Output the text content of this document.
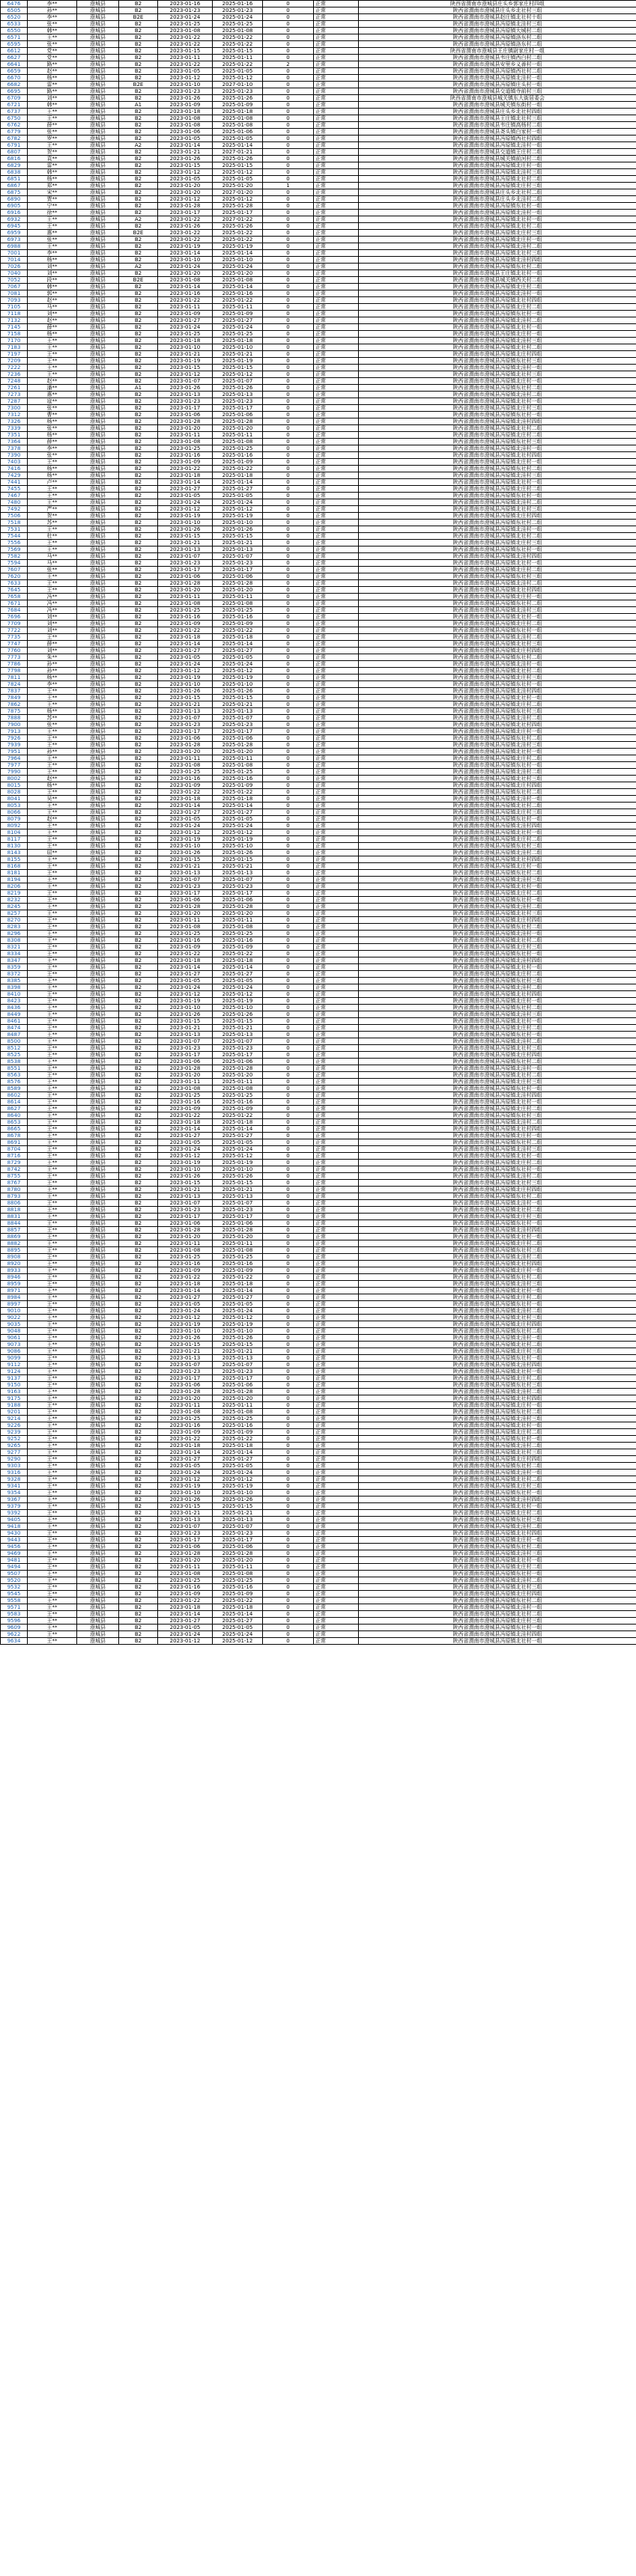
6476	李**	澄城县	B2	2023-01-16	2025-01-16	0	正常	陕西省渭南市澄城县庄头乡郭家庄村四组
6505	孙**	澄城县	B2	2023-01-23	2025-01-23	0	正常	陕西省渭南市澄城县庄头乡北社村三组
6520	李**	澄城县	B2E	2023-01-24	2025-01-24	0	正常	陕西省渭南市澄城县赵庄镇北社村十组
6533	张**	澄城县	B2	2023-01-25	2025-01-25	0	正常	陕西省渭南市澄城县冯原镇北洼村三组
6550	韩**	澄城县	B2	2023-01-08	2025-01-08	0	正常	陕西省渭南市澄城县冯原镇大城村二组
6571	王**	澄城县	B2	2023-01-22	2025-01-22	0	正常	陕西省渭南市澄城县冯原镇洛东村二组
6595	张**	澄城县	B2	2023-01-22	2025-01-22	0	正常	陕西省渭南市澄城县冯原镇洛东村二组
6612	党**	澄城县	B2	2023-01-15	2025-01-15	0	正常	陕西省渭南市澄城县王庄镇尉家庄村一组
6627	党**	澄城县	B2	2023-01-11	2025-01-11	0	正常	陕西省渭南市澄城县韦庄镇西白村二组
6641	路**	澄城县	B2	2023-01-22	2025-01-22	2	正常	陕西省渭南市澄城县安里乡义善村一组
6659	赵**	澄城县	B2	2023-01-05	2025-01-05	0	正常	陕西省渭南市澄城县冯原镇西社村二组
6670	杨**	澄城县	B2	2023-01-12	2025-01-12	0	正常	陕西省渭南市澄城县冯原镇北洼村一组
6682	雷**	澄城县	B2E	2023-01-10	2027-01-10	0	正常	陕西省渭南市澄城县冯原镇庄头村一组
6695	路**	澄城县	B2	2023-01-23	2025-01-23	0	正常	陕西省渭南市澄城县交道镇寺前村三组
6709	刘**	澄城县	B2	2023-01-26	2025-01-26	0	正常	陕西省渭南市澄城县城关镇东大街居委会
6721	韩**	澄城县	A1	2023-01-09	2025-01-09	0	正常	陕西省渭南市澄城县城关镇东街村一组
6737	王**	澄城县	B2	2023-01-18	2025-01-18	0	正常	陕西省渭南市澄城县庄头乡北社村四组
6750	王**	澄城县	B2	2023-01-08	2025-01-08	0	正常	陕西省渭南市澄城县王庄镇北社村三组
6762	薛**	澄城县	B2	2023-01-08	2025-01-08	0	正常	陕西省渭南市澄城县韦庄镇高杨村二组
6779	张**	澄城县	B2	2023-01-06	2025-01-06	0	正常	陕西省渭南市澄城县尧头镇白家村一组
6782	罗**	澄城县	B2	2023-01-05	2025-01-05	0	正常	陕西省渭南市澄城县冯原镇西社村四组
6791	王**	澄城县	A2	2023-01-14	2025-01-14	0	正常	陕西省渭南市澄城县冯原镇北洼村一组
6807	贺**	澄城县	B2	2023-01-21	2027-01-21	0	正常	陕西省渭南市澄城县交道镇王庄村二组
6816	袁**	澄城县	B2	2023-01-26	2025-01-26	0	正常	陕西省渭南市澄城县城关镇前河村二组
6829	雷**	澄城县	B2	2023-01-15	2025-01-15	0	正常	陕西省渭南市澄城县冯原镇北庄村一组
6838	韩**	澄城县	B2	2023-01-12	2025-01-12	0	正常	陕西省渭南市澄城县冯原镇北洼村三组
6851	杨**	澄城县	B2	2023-01-05	2025-01-05	0	正常	陕西省渭南市澄城县冯原镇北社村二组
6867	郑**	澄城县	B2	2023-01-20	2025-01-20	1	正常	陕西省渭南市澄城县冯原镇北庄村三组
6875	宋**	澄城县	B2	2023-01-20	2027-01-20	0	正常	陕西省渭南市澄城县庄头乡北社村二组
6890	贾**	澄城县	B2	2023-01-12	2025-01-12	0	正常	陕西省渭南市澄城县庄头乡北洼村二组
6905	宁**	澄城县	B2	2023-01-28	2025-01-28	0	正常	陕西省渭南市澄城县冯原镇东社村一组
6916	徐**	澄城县	B2	2023-01-17	2025-01-17	0	正常	陕西省渭南市澄城县冯原镇北洼村一组
6932	王**	澄城县	A2	2023-01-22	2027-01-22	0	正常	陕西省渭南市澄城县冯原镇北社村一组
6945	王**	澄城县	B2	2023-01-26	2025-01-26	0	正常	陕西省渭南市澄城县冯原镇北社村二组
6959	惠**	澄城县	B2E	2023-01-22	2025-01-22	0	正常	陕西省渭南市澄城县冯原镇北庄村三组
6973	张**	澄城县	B2	2023-01-22	2025-01-22	0	正常	陕西省渭南市澄城县冯原镇北庄村一组
6988	王**	澄城县	B2	2023-01-19	2025-01-19	0	正常	陕西省渭南市澄城县冯原镇北洼村二组
7001	李**	澄城县	B2	2023-01-14	2025-01-14	0	正常	陕西省渭南市澄城县冯原镇北社村三组
7014	杨**	澄城县	B2	2023-01-10	2025-01-10	0	正常	陕西省渭南市澄城县冯原镇北洼村四组
7026	刘**	澄城县	A2	2023-01-24	2025-01-24	0	正常	陕西省渭南市澄城县冯原镇东社村二组
7040	刘**	澄城县	B2	2023-01-20	2025-01-20	0	正常	陕西省渭南市澄城县王庄镇北社村一组
7052	段**	澄城县	B2E	2023-01-08	2025-01-08	0	正常	陕西省渭南市澄城县城关镇西关村二组
7067	韩**	澄城县	B2	2023-01-14	2025-01-14	0	正常	陕西省渭南市澄城县冯原镇北庄村二组
7081	郭**	澄城县	B2	2023-01-16	2025-01-16	0	正常	陕西省渭南市澄城县冯原镇北洼村一组
7093	赵**	澄城县	B2	2023-01-22	2025-01-22	0	正常	陕西省渭南市澄城县冯原镇北社村四组
7105	马**	澄城县	B2	2023-01-11	2025-01-11	0	正常	陕西省渭南市澄城县冯原镇北庄村二组
7118	刘**	澄城县	B2	2023-01-09	2025-01-09	0	正常	陕西省渭南市澄城县冯原镇东社村一组
7132	赵**	澄城县	B2	2023-01-27	2025-01-27	0	正常	陕西省渭南市澄城县冯原镇北洼村二组
7145	薛**	澄城县	B2	2023-01-24	2025-01-24	0	正常	陕西省渭南市澄城县冯原镇北社村一组
7158	杨**	澄城县	B2	2023-01-25	2025-01-25	0	正常	陕西省渭南市澄城县冯原镇北庄村一组
7170	王**	澄城县	B2	2023-01-18	2025-01-18	0	正常	陕西省渭南市澄城县冯原镇北洼村三组
7183	王**	澄城县	B2	2023-01-10	2025-01-10	0	正常	陕西省渭南市澄城县冯原镇北社村二组
7197	王**	澄城县	B2	2023-01-21	2025-01-21	0	正常	陕西省渭南市澄城县冯原镇北庄村四组
7209	王**	澄城县	B2	2023-01-19	2025-01-19	0	正常	陕西省渭南市澄城县冯原镇东社村三组
7222	王**	澄城县	B2	2023-01-15	2025-01-15	0	正常	陕西省渭南市澄城县冯原镇北洼村一组
7236	王**	澄城县	B2	2023-01-12	2025-01-12	0	正常	陕西省渭南市澄城县冯原镇北社村三组
7248	赵**	澄城县	B2	2023-01-07	2025-01-07	0	正常	陕西省渭南市澄城县冯原镇北庄村一组
7261	潘**	澄城县	A1	2023-01-26	2025-01-26	0	正常	陕西省渭南市澄城县冯原镇东社村二组
7273	惠**	澄城县	B2	2023-01-13	2025-01-13	0	正常	陕西省渭南市澄城县冯原镇北洼村二组
7287	寇**	澄城县	B2	2023-01-23	2025-01-23	0	正常	陕西省渭南市澄城县冯原镇北社村一组
7300	张**	澄城县	B2	2023-01-17	2025-01-17	0	正常	陕西省渭南市澄城县冯原镇北庄村三组
7312	曹**	澄城县	B2	2023-01-06	2025-01-06	0	正常	陕西省渭南市澄城县冯原镇东社村一组
7326	杨**	澄城县	B2	2023-01-28	2025-01-28	0	正常	陕西省渭南市澄城县冯原镇北洼村四组
7339	张**	澄城县	B2	2023-01-20	2025-01-20	0	正常	陕西省渭南市澄城县冯原镇北社村二组
7351	杨**	澄城县	B2	2023-01-11	2025-01-11	0	正常	陕西省渭南市澄城县冯原镇北庄村二组
7364	薛**	澄城县	B2	2023-01-08	2025-01-08	0	正常	陕西省渭南市澄城县冯原镇东社村三组
7378	李**	澄城县	B2	2023-01-25	2025-01-25	0	正常	陕西省渭南市澄城县冯原镇北洼村一组
7390	张**	澄城县	B2	2023-01-16	2025-01-16	0	正常	陕西省渭南市澄城县冯原镇北社村四组
7403	王**	澄城县	B2	2023-01-09	2025-01-09	0	正常	陕西省渭南市澄城县冯原镇北庄村一组
7416	杨**	澄城县	B2	2023-01-22	2025-01-22	0	正常	陕西省渭南市澄城县冯原镇东社村二组
7429	杨**	澄城县	B2	2023-01-18	2025-01-18	0	正常	陕西省渭南市澄城县冯原镇北洼村三组
7441	卢**	澄城县	B2	2023-01-14	2025-01-14	0	正常	陕西省渭南市澄城县冯原镇北社村一组
7455	王**	澄城县	B2	2023-01-27	2025-01-27	0	正常	陕西省渭南市澄城县冯原镇北庄村二组
7467	王**	澄城县	B2	2023-01-05	2025-01-05	0	正常	陕西省渭南市澄城县冯原镇东社村一组
7480	王**	澄城县	B2	2023-01-24	2025-01-24	0	正常	陕西省渭南市澄城县冯原镇北洼村二组
7492	严**	澄城县	B2	2023-01-12	2025-01-12	0	正常	陕西省渭南市澄城县冯原镇北社村三组
7506	贺**	澄城县	B2	2023-01-19	2025-01-19	0	正常	陕西省渭南市澄城县冯原镇北庄村四组
7518	苏**	澄城县	B2	2023-01-10	2025-01-10	0	正常	陕西省渭南市澄城县冯原镇东社村二组
7531	王**	澄城县	B2	2023-01-26	2025-01-26	0	正常	陕西省渭南市澄城县冯原镇北洼村一组
7544	杜**	澄城县	B2	2023-01-15	2025-01-15	0	正常	陕西省渭南市澄城县冯原镇北社村二组
7556	王**	澄城县	B2	2023-01-21	2025-01-21	0	正常	陕西省渭南市澄城县冯原镇北庄村三组
7569	王**	澄城县	B2	2023-01-13	2025-01-13	0	正常	陕西省渭南市澄城县冯原镇东社村一组
7582	马**	澄城县	B2	2023-01-07	2025-01-07	0	正常	陕西省渭南市澄城县冯原镇北洼村四组
7594	马**	澄城县	B2	2023-01-23	2025-01-23	0	正常	陕西省渭南市澄城县冯原镇北社村一组
7607	张**	澄城县	B2	2023-01-17	2025-01-17	0	正常	陕西省渭南市澄城县冯原镇北庄村二组
7620	王**	澄城县	B2	2023-01-06	2025-01-06	0	正常	陕西省渭南市澄城县冯原镇东社村三组
7633	王**	澄城县	B2	2023-01-28	2025-01-28	0	正常	陕西省渭南市澄城县冯原镇北洼村二组
7645	王**	澄城县	B2	2023-01-20	2025-01-20	0	正常	陕西省渭南市澄城县冯原镇北社村四组
7658	冯**	澄城县	B2	2023-01-11	2025-01-11	0	正常	陕西省渭南市澄城县冯原镇北庄村一组
7671	冯**	澄城县	B2	2023-01-08	2025-01-08	0	正常	陕西省渭南市澄城县冯原镇东社村二组
7684	冯**	澄城县	B2	2023-01-25	2025-01-25	0	正常	陕西省渭南市澄城县冯原镇北洼村三组
7696	刘**	澄城县	B2	2023-01-16	2025-01-16	0	正常	陕西省渭南市澄城县冯原镇北社村一组
7709	刘**	澄城县	B2	2023-01-09	2025-01-09	0	正常	陕西省渭南市澄城县冯原镇北庄村二组
7722	刘**	澄城县	B2	2023-01-22	2025-01-22	0	正常	陕西省渭南市澄城县冯原镇东社村一组
7735	王**	澄城县	B2	2023-01-18	2025-01-18	0	正常	陕西省渭南市澄城县冯原镇北洼村二组
7747	薛**	澄城县	B2	2023-01-14	2025-01-14	0	正常	陕西省渭南市澄城县冯原镇北社村三组
7760	刘**	澄城县	B2	2023-01-27	2025-01-27	0	正常	陕西省渭南市澄城县冯原镇北庄村四组
7773	朱**	澄城县	B2	2023-01-05	2025-01-05	0	正常	陕西省渭南市澄城县冯原镇东社村二组
7786	孙**	澄城县	B2	2023-01-24	2025-01-24	0	正常	陕西省渭南市澄城县冯原镇北洼村一组
7798	孙**	澄城县	B2	2023-01-12	2025-01-12	0	正常	陕西省渭南市澄城县冯原镇北社村二组
7811	杨**	澄城县	B2	2023-01-19	2025-01-19	0	正常	陕西省渭南市澄城县冯原镇北庄村三组
7824	李**	澄城县	B2	2023-01-10	2025-01-10	0	正常	陕西省渭南市澄城县冯原镇东社村一组
7837	王**	澄城县	B2	2023-01-26	2025-01-26	0	正常	陕西省渭南市澄城县冯原镇北洼村四组
7849	王**	澄城县	B2	2023-01-15	2025-01-15	0	正常	陕西省渭南市澄城县冯原镇北社村一组
7862	王**	澄城县	B2	2023-01-21	2025-01-21	0	正常	陕西省渭南市澄城县冯原镇北庄村二组
7875	杨**	澄城县	B2	2023-01-13	2025-01-13	0	正常	陕西省渭南市澄城县冯原镇东社村三组
7888	苏**	澄城县	B2	2023-01-07	2025-01-07	0	正常	陕西省渭南市澄城县冯原镇北洼村二组
7900	张**	澄城县	B2	2023-01-23	2025-01-23	0	正常	陕西省渭南市澄城县冯原镇北社村四组
7913	王**	澄城县	B2	2023-01-17	2025-01-17	0	正常	陕西省渭南市澄城县冯原镇北庄村一组
7926	王**	澄城县	B2	2023-01-06	2025-01-06	0	正常	陕西省渭南市澄城县冯原镇东社村二组
7939	王**	澄城县	B2	2023-01-28	2025-01-28	0	正常	陕西省渭南市澄城县冯原镇北洼村三组
7951	孙**	澄城县	B2	2023-01-20	2025-01-20	0	正常	陕西省渭南市澄城县冯原镇北社村一组
7964	王**	澄城县	B2	2023-01-11	2025-01-11	0	正常	陕西省渭南市澄城县冯原镇北庄村二组
7977	王**	澄城县	B2	2023-01-08	2025-01-08	0	正常	陕西省渭南市澄城县冯原镇东社村一组
7990	王**	澄城县	B2	2023-01-25	2025-01-25	0	正常	陕西省渭南市澄城县冯原镇北洼村二组
8002	赵**	澄城县	B2	2023-01-16	2025-01-16	0	正常	陕西省渭南市澄城县冯原镇北社村三组
8015	杨**	澄城县	B2	2023-01-09	2025-01-09	0	正常	陕西省渭南市澄城县冯原镇北庄村四组
8028	王**	澄城县	B2	2023-01-22	2025-01-22	0	正常	陕西省渭南市澄城县冯原镇东社村二组
8041	吴**	澄城县	B2	2023-01-18	2025-01-18	0	正常	陕西省渭南市澄城县冯原镇北洼村一组
8053	王**	澄城县	B2	2023-01-14	2025-01-14	0	正常	陕西省渭南市澄城县冯原镇北社村二组
8066	王**	澄城县	B2	2023-01-27	2025-01-27	0	正常	陕西省渭南市澄城县冯原镇北庄村三组
8079	赵**	澄城县	B2	2023-01-05	2025-01-05	0	正常	陕西省渭南市澄城县冯原镇东社村一组
8092	王**	澄城县	B2	2023-01-24	2025-01-24	0	正常	陕西省渭南市澄城县冯原镇北洼村四组
8104	王**	澄城县	B2	2023-01-12	2025-01-12	0	正常	陕西省渭南市澄城县冯原镇北社村一组
8117	王**	澄城县	B2	2023-01-19	2025-01-19	0	正常	陕西省渭南市澄城县冯原镇北庄村二组
8130	王**	澄城县	B2	2023-01-10	2025-01-10	0	正常	陕西省渭南市澄城县冯原镇东社村三组
8143	屈**	澄城县	B2	2023-01-26	2025-01-26	0	正常	陕西省渭南市澄城县冯原镇北洼村二组
8155	王**	澄城县	B2	2023-01-15	2025-01-15	0	正常	陕西省渭南市澄城县冯原镇北社村四组
8168	王**	澄城县	B2	2023-01-21	2025-01-21	0	正常	陕西省渭南市澄城县冯原镇北庄村一组
8181	王**	澄城县	B2	2023-01-13	2025-01-13	0	正常	陕西省渭南市澄城县冯原镇东社村二组
8194	王**	澄城县	B2	2023-01-07	2025-01-07	0	正常	陕西省渭南市澄城县冯原镇北洼村三组
8206	王**	澄城县	B2	2023-01-23	2025-01-23	0	正常	陕西省渭南市澄城县冯原镇北社村一组
8219	王**	澄城县	B2	2023-01-17	2025-01-17	0	正常	陕西省渭南市澄城县冯原镇北庄村二组
8232	王**	澄城县	B2	2023-01-06	2025-01-06	0	正常	陕西省渭南市澄城县冯原镇东社村一组
8245	王**	澄城县	B2	2023-01-28	2025-01-28	0	正常	陕西省渭南市澄城县冯原镇北洼村二组
8257	王**	澄城县	B2	2023-01-20	2025-01-20	0	正常	陕西省渭南市澄城县冯原镇北社村三组
8270	王**	澄城县	B2	2023-01-11	2025-01-11	0	正常	陕西省渭南市澄城县冯原镇北庄村四组
8283	王**	澄城县	B2	2023-01-08	2025-01-08	0	正常	陕西省渭南市澄城县冯原镇东社村二组
8296	王**	澄城县	B2	2023-01-25	2025-01-25	0	正常	陕西省渭南市澄城县冯原镇北洼村一组
8308	王**	澄城县	B2	2023-01-16	2025-01-16	0	正常	陕西省渭南市澄城县冯原镇北社村二组
8321	王**	澄城县	B2	2023-01-09	2025-01-09	0	正常	陕西省渭南市澄城县冯原镇北庄村三组
8334	王**	澄城县	B2	2023-01-22	2025-01-22	0	正常	陕西省渭南市澄城县冯原镇东社村一组
8347	王**	澄城县	B2	2023-01-18	2025-01-18	0	正常	陕西省渭南市澄城县冯原镇北洼村四组
8359	王**	澄城县	B2	2023-01-14	2025-01-14	0	正常	陕西省渭南市澄城县冯原镇北社村一组
8372	王**	澄城县	B2	2023-01-27	2025-01-27	0	正常	陕西省渭南市澄城县冯原镇北庄村二组
8385	王**	澄城县	B2	2023-01-05	2025-01-05	0	正常	陕西省渭南市澄城县冯原镇东社村三组
8398	王**	澄城县	B2	2023-01-24	2025-01-24	0	正常	陕西省渭南市澄城县冯原镇北洼村二组
8410	王**	澄城县	B2	2023-01-12	2025-01-12	0	正常	陕西省渭南市澄城县冯原镇北社村四组
8423	王**	澄城县	B2	2023-01-19	2025-01-19	0	正常	陕西省渭南市澄城县冯原镇北庄村一组
8436	王**	澄城县	B2	2023-01-10	2025-01-10	0	正常	陕西省渭南市澄城县冯原镇东社村二组
8449	王**	澄城县	B2	2023-01-26	2025-01-26	0	正常	陕西省渭南市澄城县冯原镇北洼村三组
8461	王**	澄城县	B2	2023-01-15	2025-01-15	0	正常	陕西省渭南市澄城县冯原镇北社村一组
8474	王**	澄城县	B2	2023-01-21	2025-01-21	0	正常	陕西省渭南市澄城县冯原镇北庄村二组
8487	王**	澄城县	B2	2023-01-13	2025-01-13	0	正常	陕西省渭南市澄城县冯原镇东社村一组
8500	王**	澄城县	B2	2023-01-07	2025-01-07	0	正常	陕西省渭南市澄城县冯原镇北洼村二组
8512	王**	澄城县	B2	2023-01-23	2025-01-23	0	正常	陕西省渭南市澄城县冯原镇北社村三组
8525	王**	澄城县	B2	2023-01-17	2025-01-17	0	正常	陕西省渭南市澄城县冯原镇北庄村四组
8538	王**	澄城县	B2	2023-01-06	2025-01-06	0	正常	陕西省渭南市澄城县冯原镇东社村二组
8551	王**	澄城县	B2	2023-01-28	2025-01-28	0	正常	陕西省渭南市澄城县冯原镇北洼村一组
8563	王**	澄城县	B2	2023-01-20	2025-01-20	0	正常	陕西省渭南市澄城县冯原镇北社村二组
8576	王**	澄城县	B2	2023-01-11	2025-01-11	0	正常	陕西省渭南市澄城县冯原镇北庄村三组
8589	王**	澄城县	B2	2023-01-08	2025-01-08	0	正常	陕西省渭南市澄城县冯原镇东社村一组
8602	王**	澄城县	B2	2023-01-25	2025-01-25	0	正常	陕西省渭南市澄城县冯原镇北洼村四组
8614	王**	澄城县	B2	2023-01-16	2025-01-16	0	正常	陕西省渭南市澄城县冯原镇北社村一组
8627	王**	澄城县	B2	2023-01-09	2025-01-09	0	正常	陕西省渭南市澄城县冯原镇北庄村二组
8640	王**	澄城县	B2	2023-01-22	2025-01-22	0	正常	陕西省渭南市澄城县冯原镇东社村三组
8653	王**	澄城县	B2	2023-01-18	2025-01-18	0	正常	陕西省渭南市澄城县冯原镇北洼村二组
8665	王**	澄城县	B2	2023-01-14	2025-01-14	0	正常	陕西省渭南市澄城县冯原镇北社村四组
8678	王**	澄城县	B2	2023-01-27	2025-01-27	0	正常	陕西省渭南市澄城县冯原镇北庄村一组
8691	王**	澄城县	B2	2023-01-05	2025-01-05	0	正常	陕西省渭南市澄城县冯原镇东社村二组
8704	王**	澄城县	B2	2023-01-24	2025-01-24	0	正常	陕西省渭南市澄城县冯原镇北洼村三组
8716	王**	澄城县	B2	2023-01-12	2025-01-12	0	正常	陕西省渭南市澄城县冯原镇北社村一组
8729	王**	澄城县	B2	2023-01-19	2025-01-19	0	正常	陕西省渭南市澄城县冯原镇北庄村二组
8742	王**	澄城县	B2	2023-01-10	2025-01-10	0	正常	陕西省渭南市澄城县冯原镇东社村一组
8755	王**	澄城县	B2	2023-01-26	2025-01-26	0	正常	陕西省渭南市澄城县冯原镇北洼村二组
8767	王**	澄城县	B2	2023-01-15	2025-01-15	0	正常	陕西省渭南市澄城县冯原镇北社村三组
8780	王**	澄城县	B2	2023-01-21	2025-01-21	0	正常	陕西省渭南市澄城县冯原镇北庄村四组
8793	王**	澄城县	B2	2023-01-13	2025-01-13	0	正常	陕西省渭南市澄城县冯原镇东社村二组
8806	王**	澄城县	B2	2023-01-07	2025-01-07	0	正常	陕西省渭南市澄城县冯原镇北洼村一组
8818	王**	澄城县	B2	2023-01-23	2025-01-23	0	正常	陕西省渭南市澄城县冯原镇北社村二组
8831	王**	澄城县	B2	2023-01-17	2025-01-17	0	正常	陕西省渭南市澄城县冯原镇北庄村三组
8844	王**	澄城县	B2	2023-01-06	2025-01-06	0	正常	陕西省渭南市澄城县冯原镇东社村一组
8857	王**	澄城县	B2	2023-01-28	2025-01-28	0	正常	陕西省渭南市澄城县冯原镇北洼村四组
8869	王**	澄城县	B2	2023-01-20	2025-01-20	0	正常	陕西省渭南市澄城县冯原镇北社村一组
8882	王**	澄城县	B2	2023-01-11	2025-01-11	0	正常	陕西省渭南市澄城县冯原镇北庄村二组
8895	王**	澄城县	B2	2023-01-08	2025-01-08	0	正常	陕西省渭南市澄城县冯原镇东社村三组
8908	王**	澄城县	B2	2023-01-25	2025-01-25	0	正常	陕西省渭南市澄城县冯原镇北洼村二组
8920	王**	澄城县	B2	2023-01-16	2025-01-16	0	正常	陕西省渭南市澄城县冯原镇北社村四组
8933	王**	澄城县	B2	2023-01-09	2025-01-09	0	正常	陕西省渭南市澄城县冯原镇北庄村一组
8946	王**	澄城县	B2	2023-01-22	2025-01-22	0	正常	陕西省渭南市澄城县冯原镇东社村二组
8959	王**	澄城县	B2	2023-01-18	2025-01-18	0	正常	陕西省渭南市澄城县冯原镇北洼村三组
8971	王**	澄城县	B2	2023-01-14	2025-01-14	0	正常	陕西省渭南市澄城县冯原镇北社村一组
8984	王**	澄城县	B2	2023-01-27	2025-01-27	0	正常	陕西省渭南市澄城县冯原镇北庄村二组
8997	王**	澄城县	B2	2023-01-05	2025-01-05	0	正常	陕西省渭南市澄城县冯原镇东社村一组
9010	王**	澄城县	B2	2023-01-24	2025-01-24	0	正常	陕西省渭南市澄城县冯原镇北洼村二组
9022	王**	澄城县	B2	2023-01-12	2025-01-12	0	正常	陕西省渭南市澄城县冯原镇北社村三组
9035	王**	澄城县	B2	2023-01-19	2025-01-19	0	正常	陕西省渭南市澄城县冯原镇北庄村四组
9048	王**	澄城县	B2	2023-01-10	2025-01-10	0	正常	陕西省渭南市澄城县冯原镇东社村二组
9061	王**	澄城县	B2	2023-01-26	2025-01-26	0	正常	陕西省渭南市澄城县冯原镇北洼村一组
9073	王**	澄城县	B2	2023-01-15	2025-01-15	0	正常	陕西省渭南市澄城县冯原镇北社村二组
9086	王**	澄城县	B2	2023-01-21	2025-01-21	0	正常	陕西省渭南市澄城县冯原镇北庄村三组
9099	王**	澄城县	B2	2023-01-13	2025-01-13	0	正常	陕西省渭南市澄城县冯原镇东社村一组
9112	王**	澄城县	B2	2023-01-07	2025-01-07	0	正常	陕西省渭南市澄城县冯原镇北洼村四组
9124	王**	澄城县	B2	2023-01-23	2025-01-23	0	正常	陕西省渭南市澄城县冯原镇北社村一组
9137	王**	澄城县	B2	2023-01-17	2025-01-17	0	正常	陕西省渭南市澄城县冯原镇北庄村二组
9150	王**	澄城县	B2	2023-01-06	2025-01-06	0	正常	陕西省渭南市澄城县冯原镇东社村三组
9163	王**	澄城县	B2	2023-01-28	2025-01-28	0	正常	陕西省渭南市澄城县冯原镇北洼村二组
9175	王**	澄城县	B2	2023-01-20	2025-01-20	0	正常	陕西省渭南市澄城县冯原镇北社村四组
9188	王**	澄城县	B2	2023-01-11	2025-01-11	0	正常	陕西省渭南市澄城县冯原镇北庄村一组
9201	王**	澄城县	B2	2023-01-08	2025-01-08	0	正常	陕西省渭南市澄城县冯原镇东社村二组
9214	王**	澄城县	B2	2023-01-25	2025-01-25	0	正常	陕西省渭南市澄城县冯原镇北洼村三组
9226	王**	澄城县	B2	2023-01-16	2025-01-16	0	正常	陕西省渭南市澄城县冯原镇北社村一组
9239	王**	澄城县	B2	2023-01-09	2025-01-09	0	正常	陕西省渭南市澄城县冯原镇北庄村二组
9252	王**	澄城县	B2	2023-01-22	2025-01-22	0	正常	陕西省渭南市澄城县冯原镇东社村一组
9265	王**	澄城县	B2	2023-01-18	2025-01-18	0	正常	陕西省渭南市澄城县冯原镇北洼村二组
9277	王**	澄城县	B2	2023-01-14	2025-01-14	0	正常	陕西省渭南市澄城县冯原镇北社村三组
9290	王**	澄城县	B2	2023-01-27	2025-01-27	0	正常	陕西省渭南市澄城县冯原镇北庄村四组
9303	王**	澄城县	B2	2023-01-05	2025-01-05	0	正常	陕西省渭南市澄城县冯原镇东社村二组
9316	王**	澄城县	B2	2023-01-24	2025-01-24	0	正常	陕西省渭南市澄城县冯原镇北洼村一组
9328	王**	澄城县	B2	2023-01-12	2025-01-12	0	正常	陕西省渭南市澄城县冯原镇北社村二组
9341	王**	澄城县	B2	2023-01-19	2025-01-19	0	正常	陕西省渭南市澄城县冯原镇北庄村三组
9354	王**	澄城县	B2	2023-01-10	2025-01-10	0	正常	陕西省渭南市澄城县冯原镇东社村一组
9367	王**	澄城县	B2	2023-01-26	2025-01-26	0	正常	陕西省渭南市澄城县冯原镇北洼村四组
9379	王**	澄城县	B2	2023-01-15	2025-01-15	0	正常	陕西省渭南市澄城县冯原镇北社村一组
9392	王**	澄城县	B2	2023-01-21	2025-01-21	0	正常	陕西省渭南市澄城县冯原镇北庄村二组
9405	王**	澄城县	B2	2023-01-13	2025-01-13	0	正常	陕西省渭南市澄城县冯原镇东社村三组
9418	王**	澄城县	B2	2023-01-07	2025-01-07	0	正常	陕西省渭南市澄城县冯原镇北洼村二组
9430	王**	澄城县	B2	2023-01-23	2025-01-23	0	正常	陕西省渭南市澄城县冯原镇北社村四组
9443	王**	澄城县	B2	2023-01-17	2025-01-17	0	正常	陕西省渭南市澄城县冯原镇北庄村一组
9456	王**	澄城县	B2	2023-01-06	2025-01-06	0	正常	陕西省渭南市澄城县冯原镇东社村二组
9469	王**	澄城县	B2	2023-01-28	2025-01-28	0	正常	陕西省渭南市澄城县冯原镇北洼村三组
9481	王**	澄城县	B2	2023-01-20	2025-01-20	0	正常	陕西省渭南市澄城县冯原镇北社村一组
9494	王**	澄城县	B2	2023-01-11	2025-01-11	0	正常	陕西省渭南市澄城县冯原镇北庄村二组
9507	王**	澄城县	B2	2023-01-08	2025-01-08	0	正常	陕西省渭南市澄城县冯原镇东社村一组
9520	王**	澄城县	B2	2023-01-25	2025-01-25	0	正常	陕西省渭南市澄城县冯原镇北洼村二组
9532	王**	澄城县	B2	2023-01-16	2025-01-16	0	正常	陕西省渭南市澄城县冯原镇北社村三组
9545	王**	澄城县	B2	2023-01-09	2025-01-09	0	正常	陕西省渭南市澄城县冯原镇北庄村四组
9558	王**	澄城县	B2	2023-01-22	2025-01-22	0	正常	陕西省渭南市澄城县冯原镇东社村二组
9571	王**	澄城县	B2	2023-01-18	2025-01-18	0	正常	陕西省渭南市澄城县冯原镇北洼村一组
9583	王**	澄城县	B2	2023-01-14	2025-01-14	0	正常	陕西省渭南市澄城县冯原镇北社村二组
9596	王**	澄城县	B2	2023-01-27	2025-01-27	0	正常	陕西省渭南市澄城县冯原镇北庄村三组
9609	王**	澄城县	B2	2023-01-05	2025-01-05	0	正常	陕西省渭南市澄城县冯原镇东社村一组
9622	王**	澄城县	B2	2023-01-24	2025-01-24	0	正常	陕西省渭南市澄城县冯原镇北洼村四组
9634	王**	澄城县	B2	2023-01-12	2025-01-12	0	正常	陕西省渭南市澄城县冯原镇北社村一组
